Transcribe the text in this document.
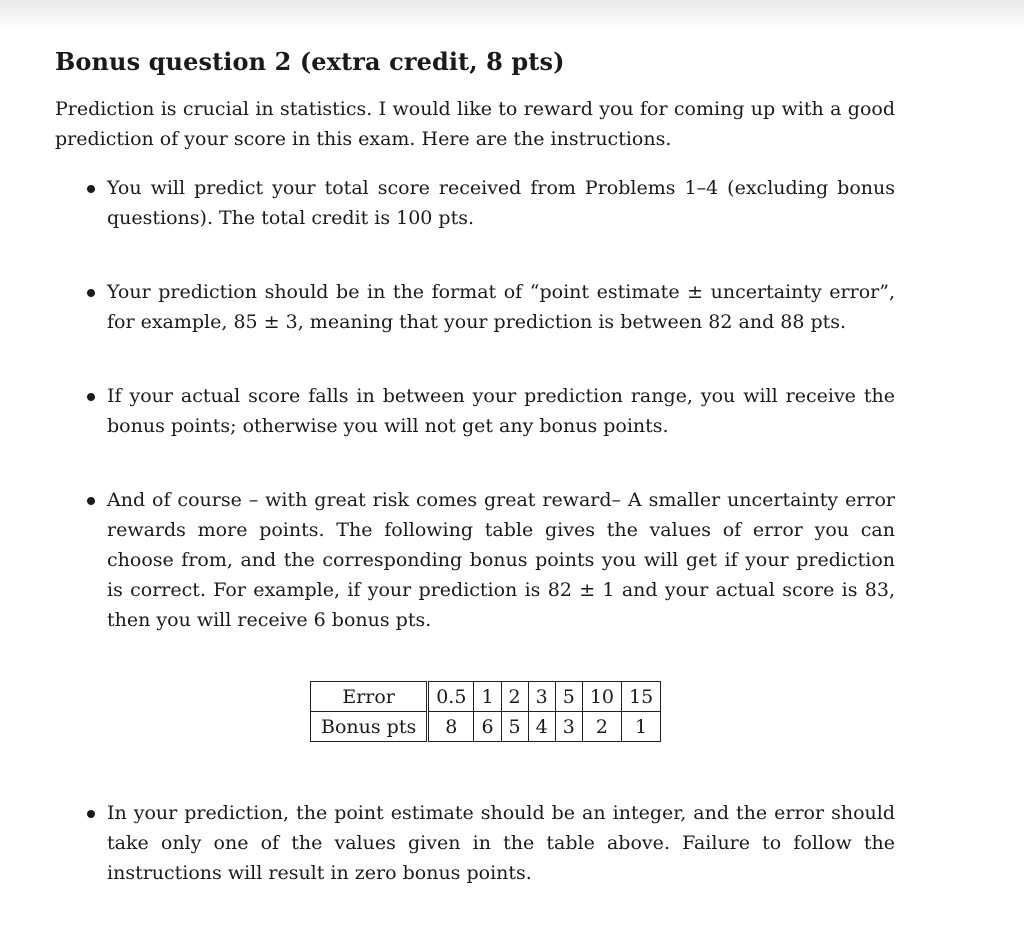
Bonus question 2 (extra credit, 8 pts)

Prediction is crucial in statistics. I would like to reward you for coming up with a good prediction of your score in this exam. Here are the instructions.

You will predict your total score received from Problems 1–4 (excluding bonus questions). The total credit is 100 pts.
Your prediction should be in the format of “point estimate ± uncertainty error”, for example, 85 ± 3, meaning that your prediction is between 82 and 88 pts.
If your actual score falls in between your prediction range, you will receive the bonus points; otherwise you will not get any bonus points.
And of course – with great risk comes great reward– A smaller uncertainty error rewards more points. The following table gives the values of error you can choose from, and the corresponding bonus points you will get if your prediction is correct. For example, if your prediction is 82 ± 1 and your actual score is 83, then you will receive 6 bonus pts.
Error	0.5	1	2	3	5	10	15
Bonus pts	8	6	5	4	3	2	1
In your prediction, the point estimate should be an integer, and the error should take only one of the values given in the table above. Failure to follow the instructions will result in zero bonus points.
